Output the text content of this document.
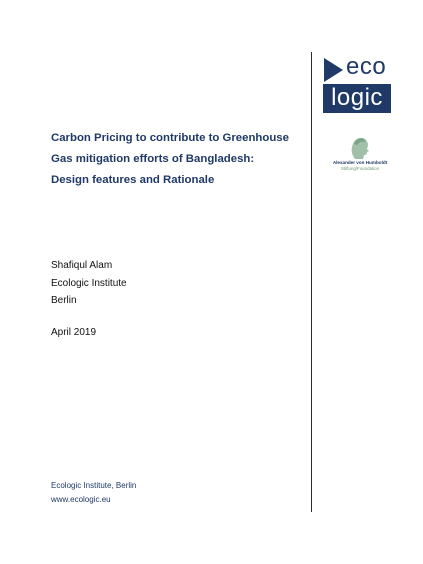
Carbon Pricing to contribute to Greenhouse Gas mitigation efforts of Bangladesh: Design features and Rationale
Shafiqul Alam
Ecologic Institute
Berlin
April 2019
Ecologic Institute, Berlin
www.ecologic.eu
eco
logic
Alexander von Humboldt
Stiftung/Foundation
